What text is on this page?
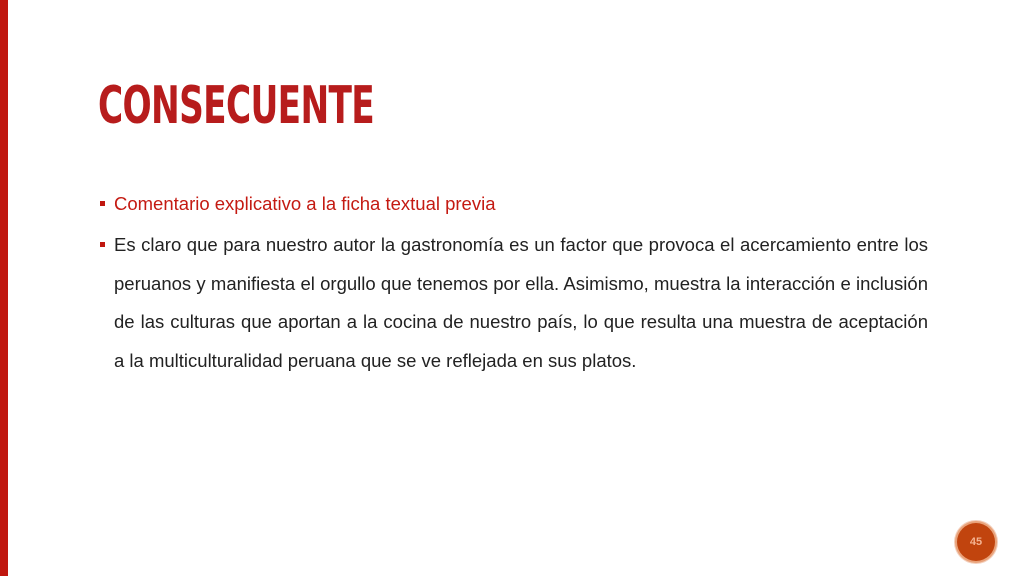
CONSECUENTE
Comentario explicativo a la ficha textual previa
Es claro que para nuestro autor la gastronomía es un factor que provoca el acercamiento entre los peruanos y manifiesta el orgullo que tenemos por ella. Asimismo, muestra la interacción e inclusión de las culturas que aportan a la cocina de nuestro país, lo que resulta una muestra de aceptación a la multiculturalidad peruana que se ve reflejada en sus platos.
45
